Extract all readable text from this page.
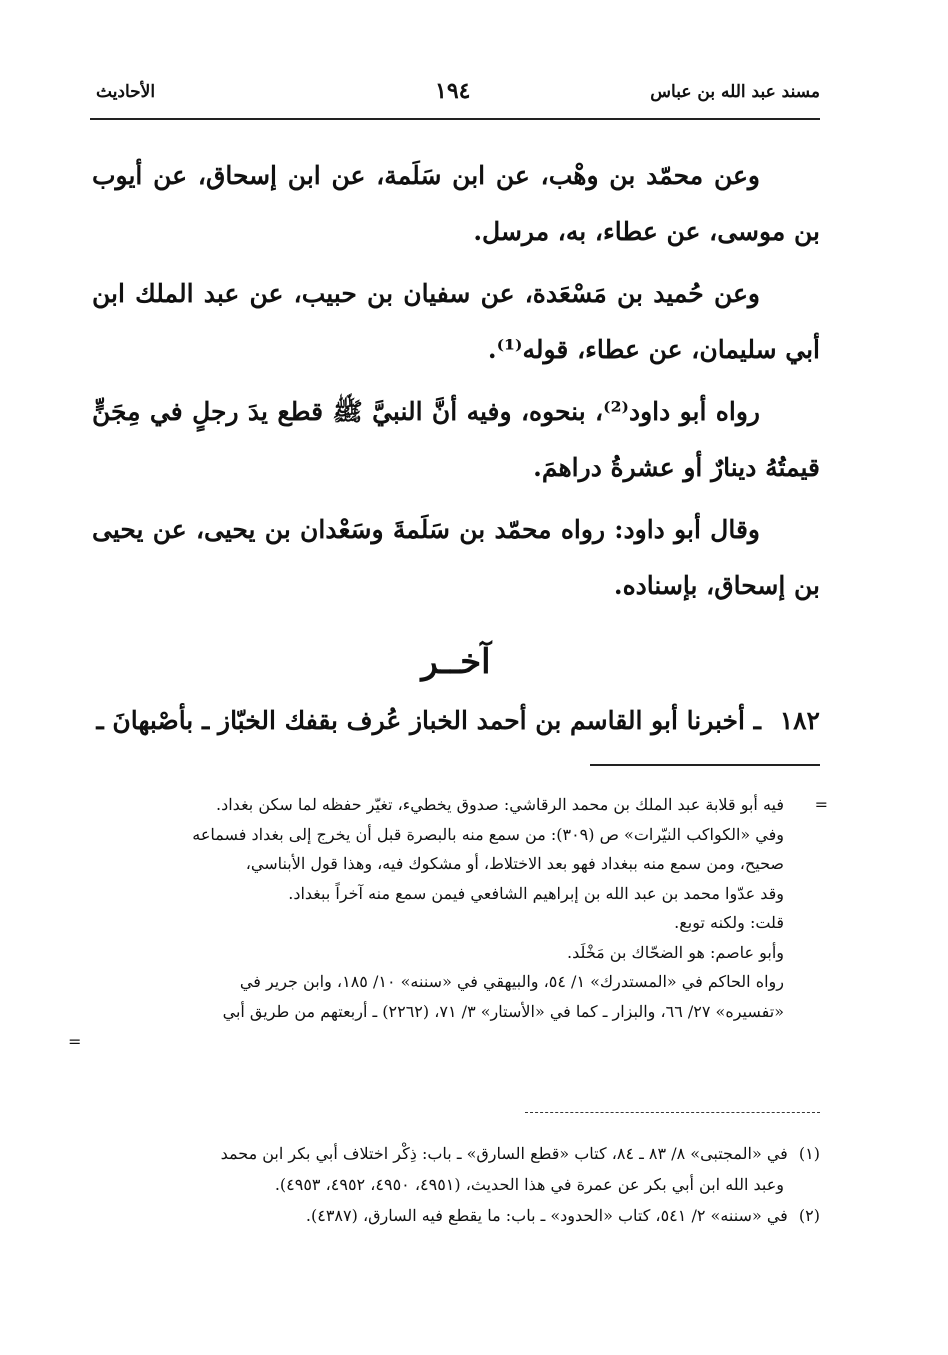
مسند عبد الله بن عباس
١٩٤
الأحاديث

وعن محمّد بن وهْب، عن ابن سَلَمة، عن ابن إسحاق، عن أيوب بن موسى، عن عطاء، به، مرسل.

وعن حُميد بن مَسْعَدة، عن سفيان بن حبيب، عن عبد الملك ابن أبي سليمان، عن عطاء، قوله⁽¹⁾.

رواه أبو داود⁽²⁾، بنحوه، وفيه أنَّ النبيَّ ﷺ قطع يدَ رجلٍ في مِجَنٍّ قيمتُهُ دينارٌ أو عشرةُ دراهمَ.

وقال أبو داود: رواه محمّد بن سَلَمةَ وسَعْدان بن يحيى، عن يحيى بن إسحاق، بإسناده.

آخــر

١٨٢ ـ أخبرنا أبو القاسم بن أحمد الخباز عُرف بقفك الخبّاز ـ بأصْبهانَ ـ

=

فيه أبو قلابة عبد الملك بن محمد الرقاشي: صدوق يخطيء، تغيّر حفظه لما سكن بغداد.

وفي «الكواكب النيّرات» ص (٣٠٩): من سمع منه بالبصرة قبل أن يخرج إلى بغداد فسماعه

صحيح، ومن سمع منه ببغداد فهو بعد الاختلاط، أو مشكوك فيه، وهذا قول الأبناسي،

وقد عدّوا محمد بن عبد الله بن إبراهيم الشافعي فيمن سمع منه آخراً ببغداد.

قلت: ولكنه توبع.

وأبو عاصم: هو الضحّاك بن مَخْلَد.

رواه الحاكم في «المستدرك» ١/ ٥٤، والبيهقي في «سننه» ١٠/ ١٨٥، وابن جرير في

«تفسيره» ٢٧/ ٦٦، والبزار ـ كما في «الأستار» ٣/ ٧١، (٢٢٦٢) ـ أربعتهم من طريق أبي

=

(١) في «المجتبى» ٨/ ٨٣ ـ ٨٤، كتاب «قطع السارق» ـ باب: ذِكْر اختلاف أبي بكر ابن محمد

وعبد الله ابن أبي بكر عن عمرة في هذا الحديث، (٤٩٥١، ٤٩٥٠، ٤٩٥٢، ٤٩٥٣).

(٢) في «سننه» ٢/ ٥٤١، كتاب «الحدود» ـ باب: ما يقطع فيه السارق، (٤٣٨٧).
